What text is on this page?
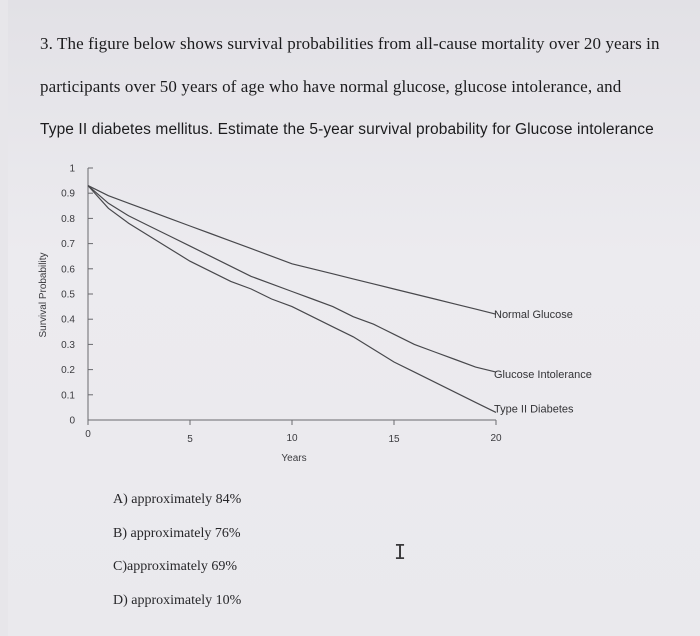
3. The figure below shows survival probabilities from all-cause mortality over 20 years in
participants over 50 years of age who have normal glucose, glucose intolerance, and
Type II diabetes mellitus. Estimate the 5-year survival probability for Glucose intolerance
0
0.1
0.2
0.3
0.4
0.5
0.6
0.7
0.8
0.9
1
0	5	10	15	20
Years
Survival Probability	Normal Glucose
Glucose Intolerance
Type II Diabetes
A) approximately 84%
B) approximately 76%
C)approximately 69%
D) approximately 10%
I
